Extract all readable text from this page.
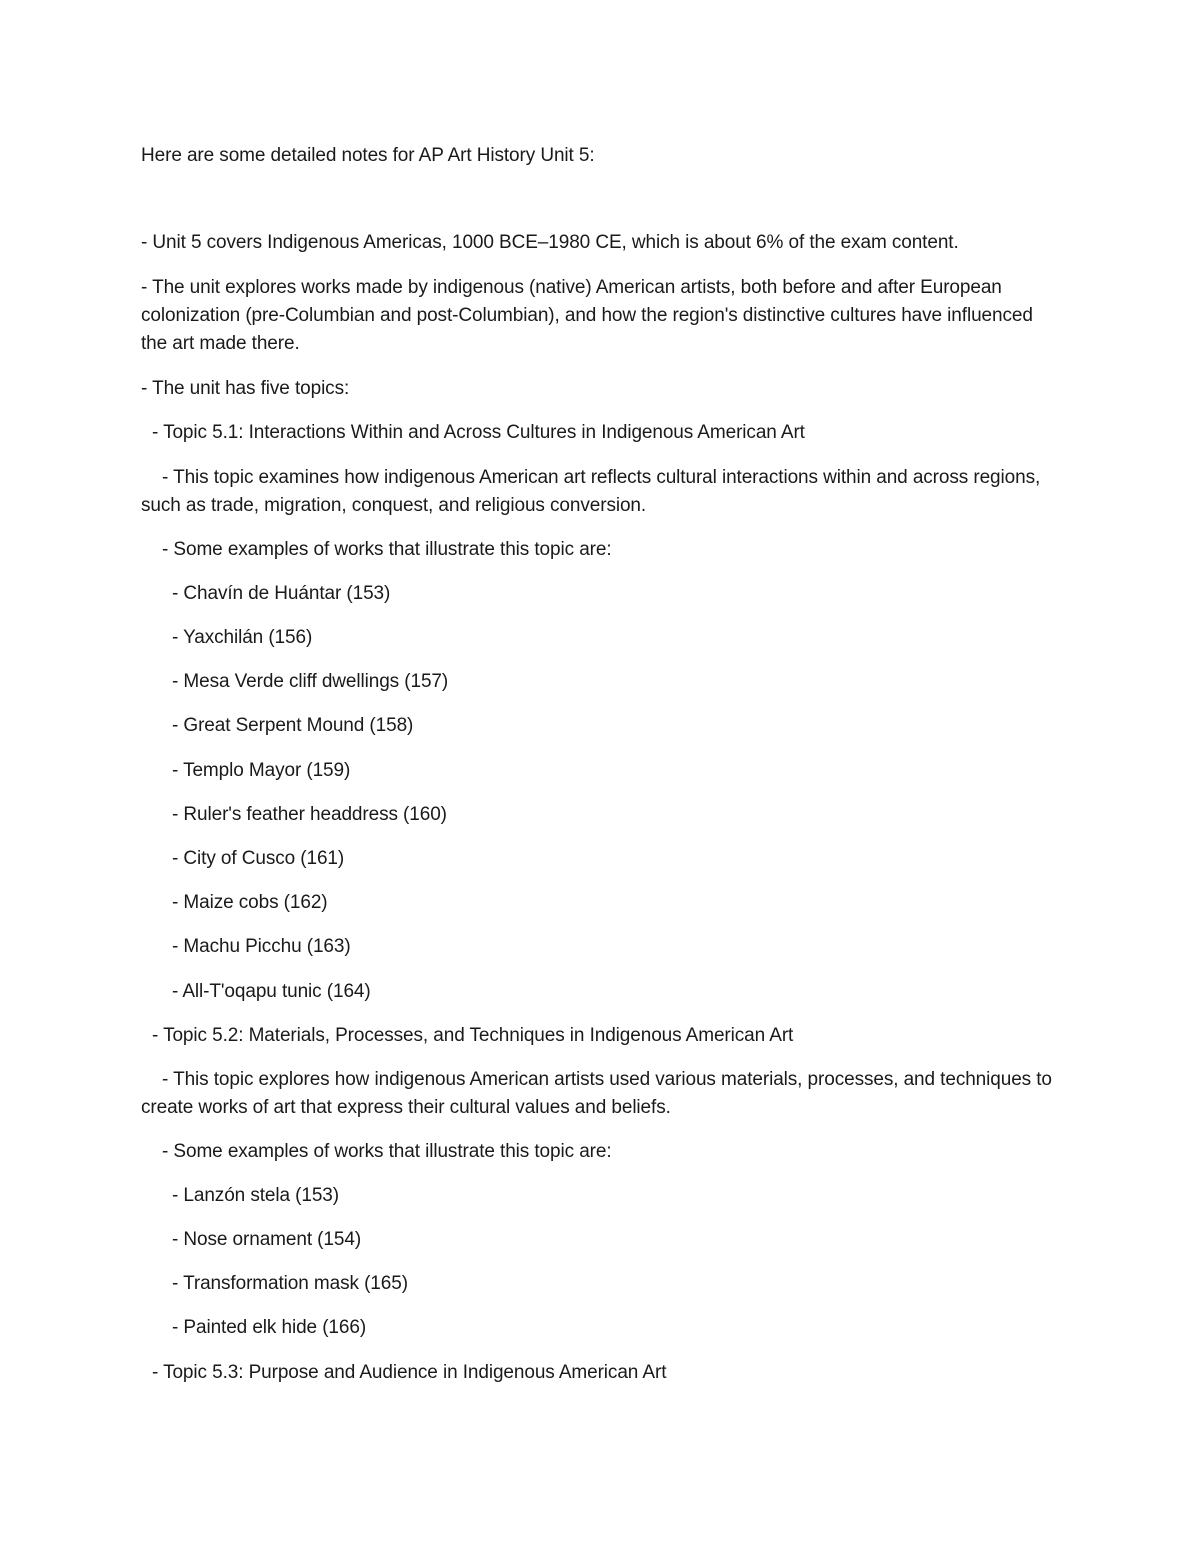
Here are some detailed notes for AP Art History Unit 5:
- Unit 5 covers Indigenous Americas, 1000 BCE–1980 CE, which is about 6% of the exam content.
- The unit explores works made by indigenous (native) American artists, both before and after European colonization (pre-Columbian and post-Columbian), and how the region's distinctive cultures have influenced the art made there.
- The unit has five topics:
- Topic 5.1: Interactions Within and Across Cultures in Indigenous American Art
- This topic examines how indigenous American art reflects cultural interactions within and across regions, such as trade, migration, conquest, and religious conversion.
- Some examples of works that illustrate this topic are:
- Chavín de Huántar (153)
- Yaxchilán (156)
- Mesa Verde cliff dwellings (157)
- Great Serpent Mound (158)
- Templo Mayor (159)
- Ruler's feather headdress (160)
- City of Cusco (161)
- Maize cobs (162)
- Machu Picchu (163)
- All-T'oqapu tunic (164)
- Topic 5.2: Materials, Processes, and Techniques in Indigenous American Art
- This topic explores how indigenous American artists used various materials, processes, and techniques to create works of art that express their cultural values and beliefs.
- Some examples of works that illustrate this topic are:
- Lanzón stela (153)
- Nose ornament (154)
- Transformation mask (165)
- Painted elk hide (166)
- Topic 5.3: Purpose and Audience in Indigenous American Art
